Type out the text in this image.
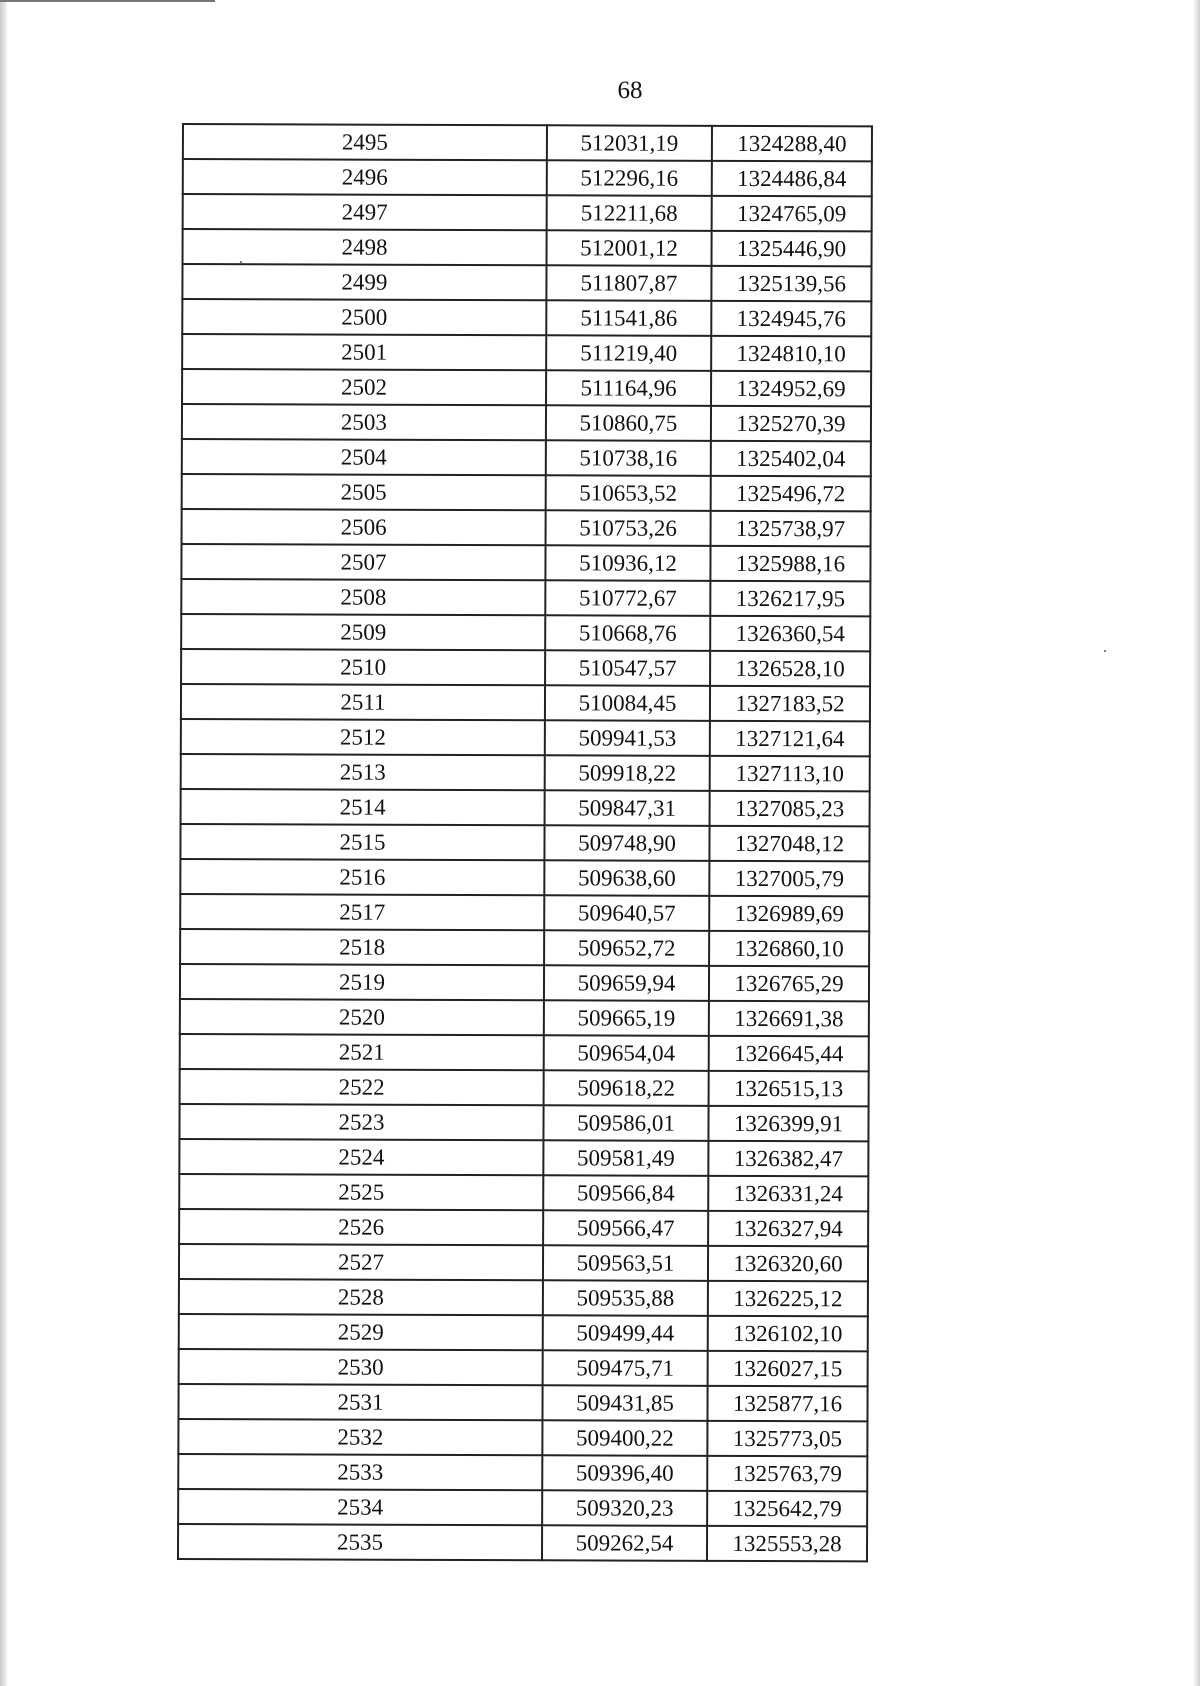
68
2495	512031,19	1324288,40
2496	512296,16	1324486,84
2497	512211,68	1324765,09
2498	512001,12	1325446,90
2499	511807,87	1325139,56
2500	511541,86	1324945,76
2501	511219,40	1324810,10
2502	511164,96	1324952,69
2503	510860,75	1325270,39
2504	510738,16	1325402,04
2505	510653,52	1325496,72
2506	510753,26	1325738,97
2507	510936,12	1325988,16
2508	510772,67	1326217,95
2509	510668,76	1326360,54
2510	510547,57	1326528,10
2511	510084,45	1327183,52
2512	509941,53	1327121,64
2513	509918,22	1327113,10
2514	509847,31	1327085,23
2515	509748,90	1327048,12
2516	509638,60	1327005,79
2517	509640,57	1326989,69
2518	509652,72	1326860,10
2519	509659,94	1326765,29
2520	509665,19	1326691,38
2521	509654,04	1326645,44
2522	509618,22	1326515,13
2523	509586,01	1326399,91
2524	509581,49	1326382,47
2525	509566,84	1326331,24
2526	509566,47	1326327,94
2527	509563,51	1326320,60
2528	509535,88	1326225,12
2529	509499,44	1326102,10
2530	509475,71	1326027,15
2531	509431,85	1325877,16
2532	509400,22	1325773,05
2533	509396,40	1325763,79
2534	509320,23	1325642,79
2535	509262,54	1325553,28
